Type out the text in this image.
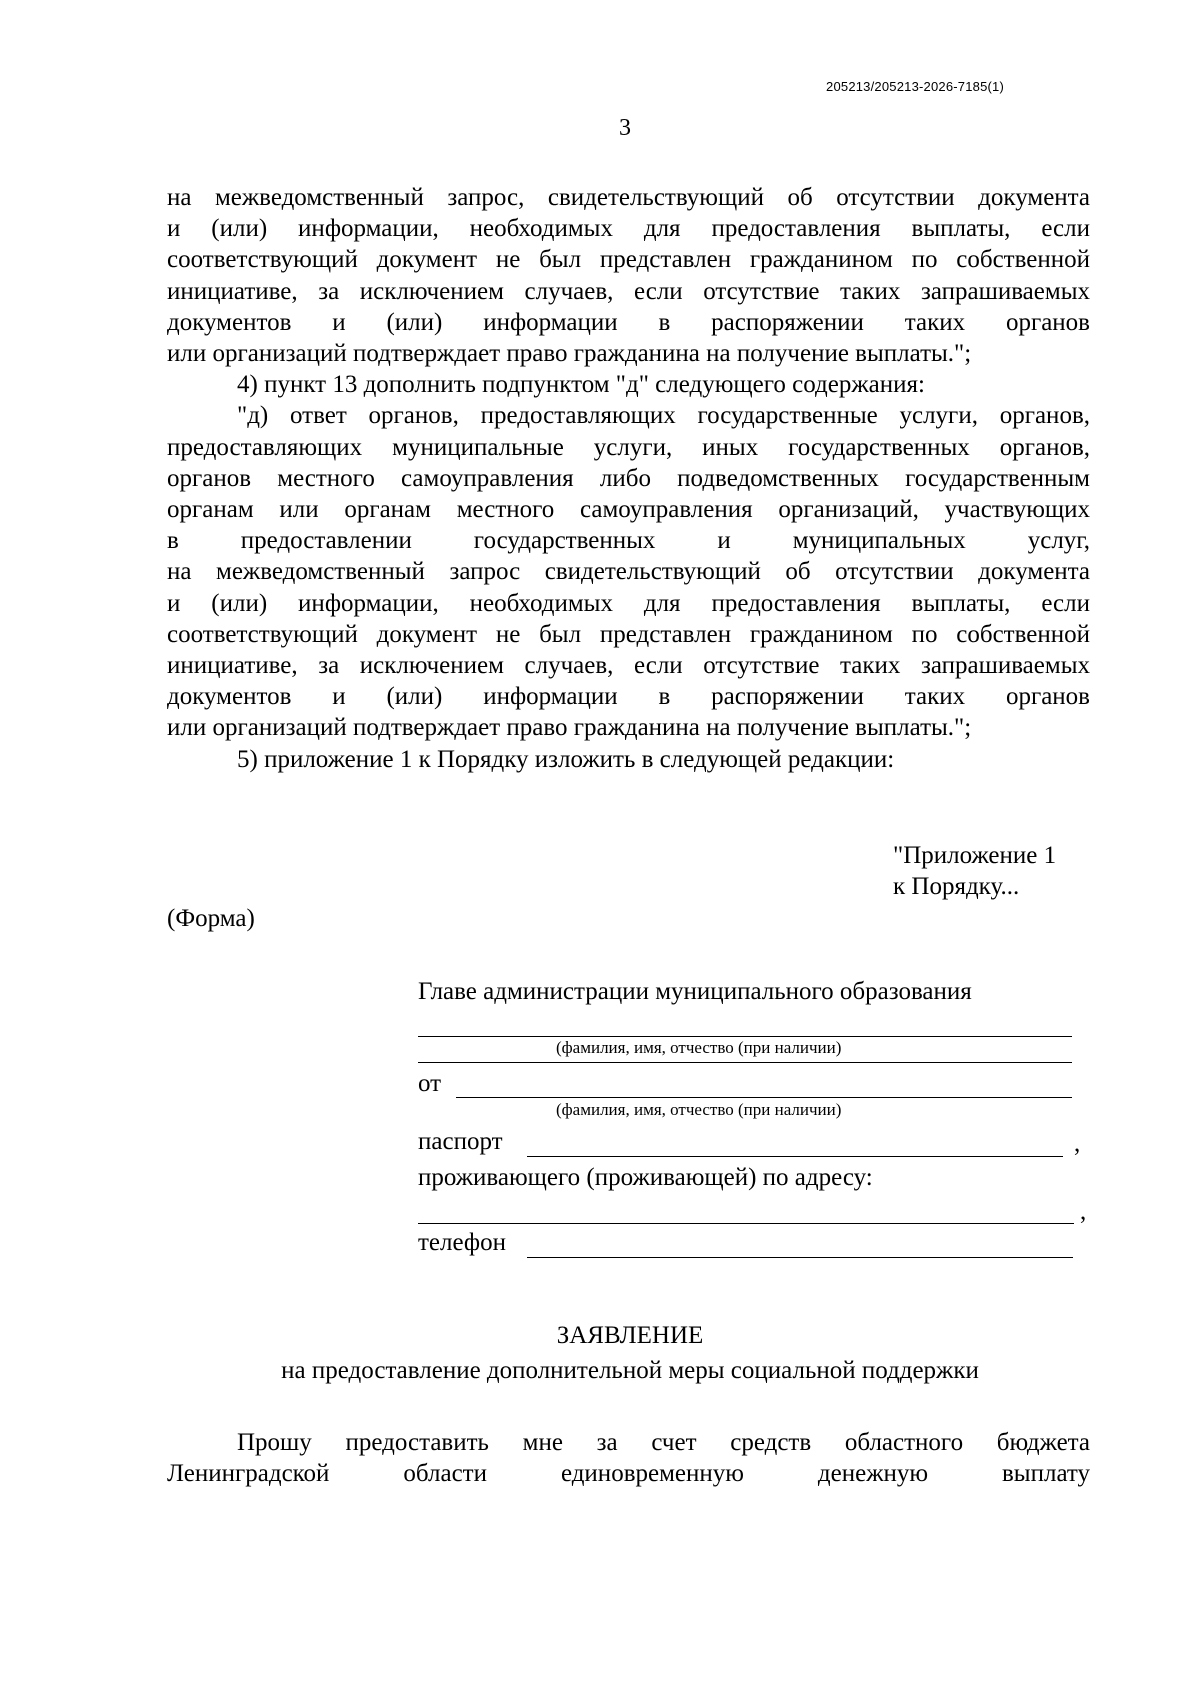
205213/205213-2026-7185(1)
3

на межведомственный запрос, свидетельствующий об отсутствии документа

и (или) информации, необходимых для предоставления выплаты, если

соответствующий документ не был представлен гражданином по собственной

инициативе, за исключением случаев, если отсутствие таких запрашиваемых

документов и (или) информации в распоряжении таких органов

или организаций подтверждает право гражданина на получение выплаты.";

4) пункт 13 дополнить подпунктом "д" следующего содержания:

"д) ответ органов, предоставляющих государственные услуги, органов,

предоставляющих муниципальные услуги, иных государственных органов,

органов местного самоуправления либо подведомственных государственным

органам или органам местного самоуправления организаций, участвующих

в предоставлении государственных и муниципальных услуг,

на межведомственный запрос свидетельствующий об отсутствии документа

и (или) информации, необходимых для предоставления выплаты, если

соответствующий документ не был представлен гражданином по собственной

инициативе, за исключением случаев, если отсутствие таких запрашиваемых

документов и (или) информации в распоряжении таких органов

или организаций подтверждает право гражданина на получение выплаты.";

5) приложение 1 к Порядку изложить в следующей редакции:

"Приложение 1
к Порядку...
(Форма)
Главе администрации муниципального образования
(фамилия, имя, отчество (при наличии)
от
(фамилия, имя, отчество (при наличии)
паспорт	,
проживающего (проживающей) по адресу:
,
телефон
ЗАЯВЛЕНИЕ
на предоставление дополнительной меры социальной поддержки

Прошу предоставить мне за счет средств областного бюджета

Ленинградской области единовременную денежную выплату
